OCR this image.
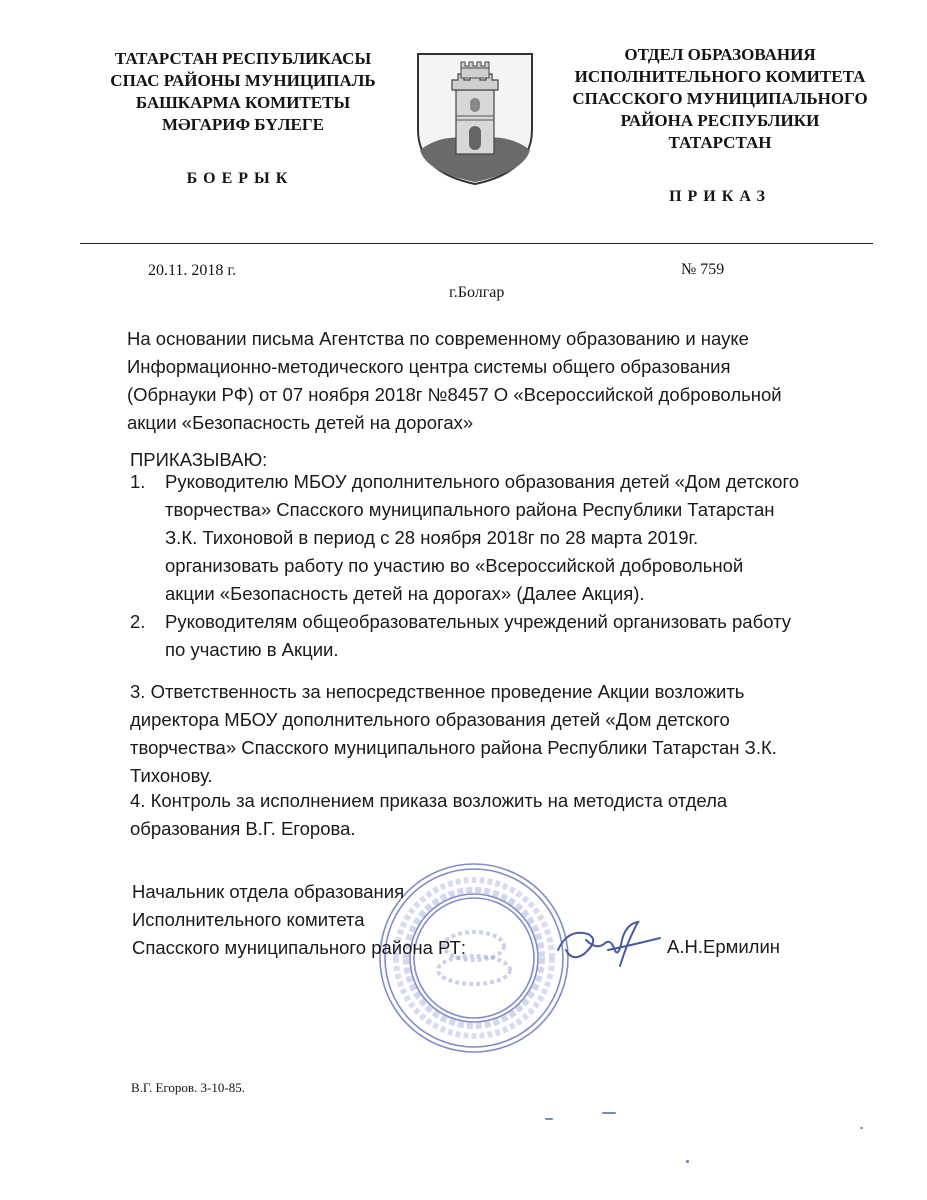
ТАТАРСТАН РЕСПУБЛИКАСЫ
СПАС РАЙОНЫ МУНИЦИПАЛЬ
БАШКАРМА КОМИТЕТЫ
МӘГАРИФ БҮЛЕГЕ
БОЕРЫК
ОТДЕЛ ОБРАЗОВАНИЯ
ИСПОЛНИТЕЛЬНОГО КОМИТЕТА
СПАССКОГО МУНИЦИПАЛЬНОГО
РАЙОНА РЕСПУБЛИКИ
ТАТАРСТАН
ПРИКАЗ
20.11. 2018 г.	№ 759
г.Болгар
На основании письма Агентства по современному образованию и науке
Информационно-методического центра системы общего образования
(Обрнауки РФ) от 07 ноября 2018г №8457 О «Всероссийской добровольной
акции «Безопасность детей на дорогах»
ПРИКАЗЫВАЮ:
1. Руководителю МБОУ дополнительного образования детей «Дом детского
творчества» Спасского муниципального района Республики Татарстан
З.К. Тихоновой в период с 28 ноября 2018г по 28 марта 2019г.
организовать работу по участию во «Всероссийской добровольной
акции «Безопасность детей на дорогах» (Далее Акция).
2. Руководителям общеобразовательных учреждений организовать работу
по участию в Акции.
3. Ответственность за непосредственное проведение Акции возложить
директора МБОУ дополнительного образования детей «Дом детского
творчества» Спасского муниципального района Республики Татарстан З.К.
Тихонову.
4. Контроль за исполнением приказа возложить на методиста отдела
образования В.Г. Егорова.
Начальник отдела образования
Исполнительного комитета
Спасского муниципального района РТ:	А.Н.Ермилин
В.Г. Егоров. 3-10-85.
